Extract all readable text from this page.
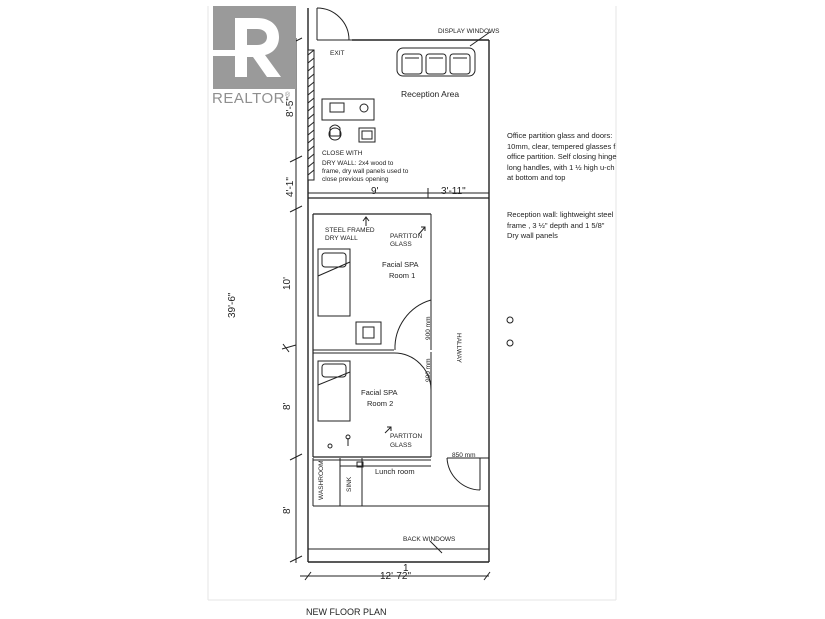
REALTOR®
EXIT
DISPLAY WINDOWS
Reception Area
CLOSE WITH
DRY WALL: 2x4 wood to
frame, dry wall panels used to
close previous opening
STEEL FRAMED
DRY WALL	PARTITON
GLASS
Facial SPA
Room 1
Facial SPA
Room 2
PARTITON
GLASS
900 mm
900 mm
HALLWAY
850 mm
Lunch room
WASHROOM	SINK
BACK WINDOWS
8'-5"
4'-1"
39'-6"
10'
8'
8'
9'	3'-11"
1
12'-72"
Office partition glass and doors:
10mm, clear, tempered glasses f
office partition. Self closing hinge
long handles, with 1 ½ high u-ch
at bottom and top
Reception wall: lightweight steel
frame , 3 ½" depth and 1 5/8"
Dry wall panels
NEW FLOOR PLAN
